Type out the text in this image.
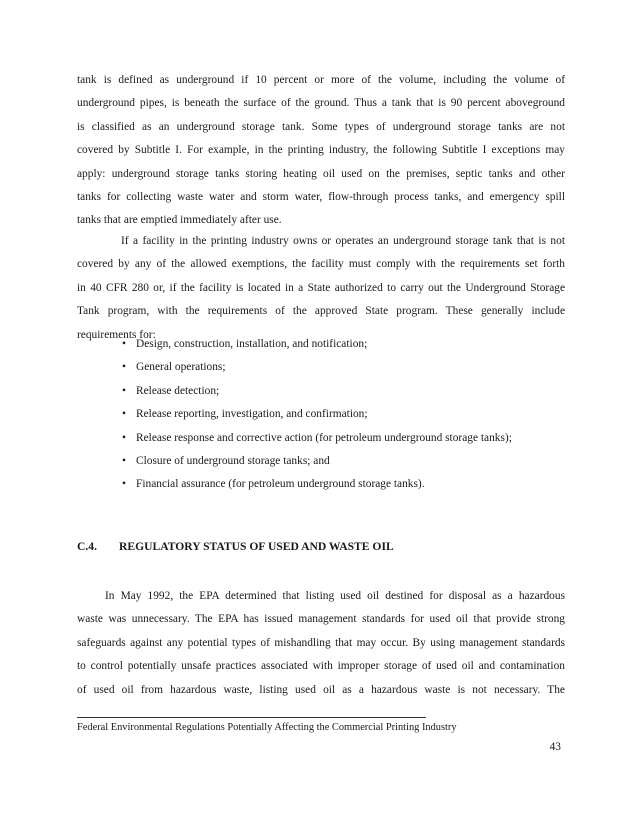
tank is defined as underground if 10 percent or more of the volume, including the volume of
underground pipes, is beneath the surface of the ground. Thus a tank that is 90 percent aboveground
is classified as an underground storage tank. Some types of underground storage tanks are not
covered by Subtitle I. For example, in the printing industry, the following Subtitle I exceptions may
apply: underground storage tanks storing heating oil used on the premises, septic tanks and other
tanks for collecting waste water and storm water, flow-through process tanks, and emergency spill
tanks that are emptied immediately after use.
If a facility in the printing industry owns or operates an underground storage tank that is not
covered by any of the allowed exemptions, the facility must comply with the requirements set forth
in 40 CFR 280 or, if the facility is located in a State authorized to carry out the Underground Storage
Tank program, with the requirements of the approved State program. These generally include
requirements for:
• Design, construction, installation, and notification;
• General operations;
• Release detection;
• Release reporting, investigation, and confirmation;
• Release response and corrective action (for petroleum underground storage tanks);
• Closure of underground storage tanks; and
• Financial assurance (for petroleum underground storage tanks).
C.4. REGULATORY STATUS OF USED AND WASTE OIL
In May 1992, the EPA determined that listing used oil destined for disposal as a hazardous
waste was unnecessary. The EPA has issued management standards for used oil that provide strong
safeguards against any potential types of mishandling that may occur. By using management standards
to control potentially unsafe practices associated with improper storage of used oil and contamination
of used oil from hazardous waste, listing used oil as a hazardous waste is not necessary. The
Federal Environmental Regulations Potentially Affecting the Commercial Printing Industry
43
